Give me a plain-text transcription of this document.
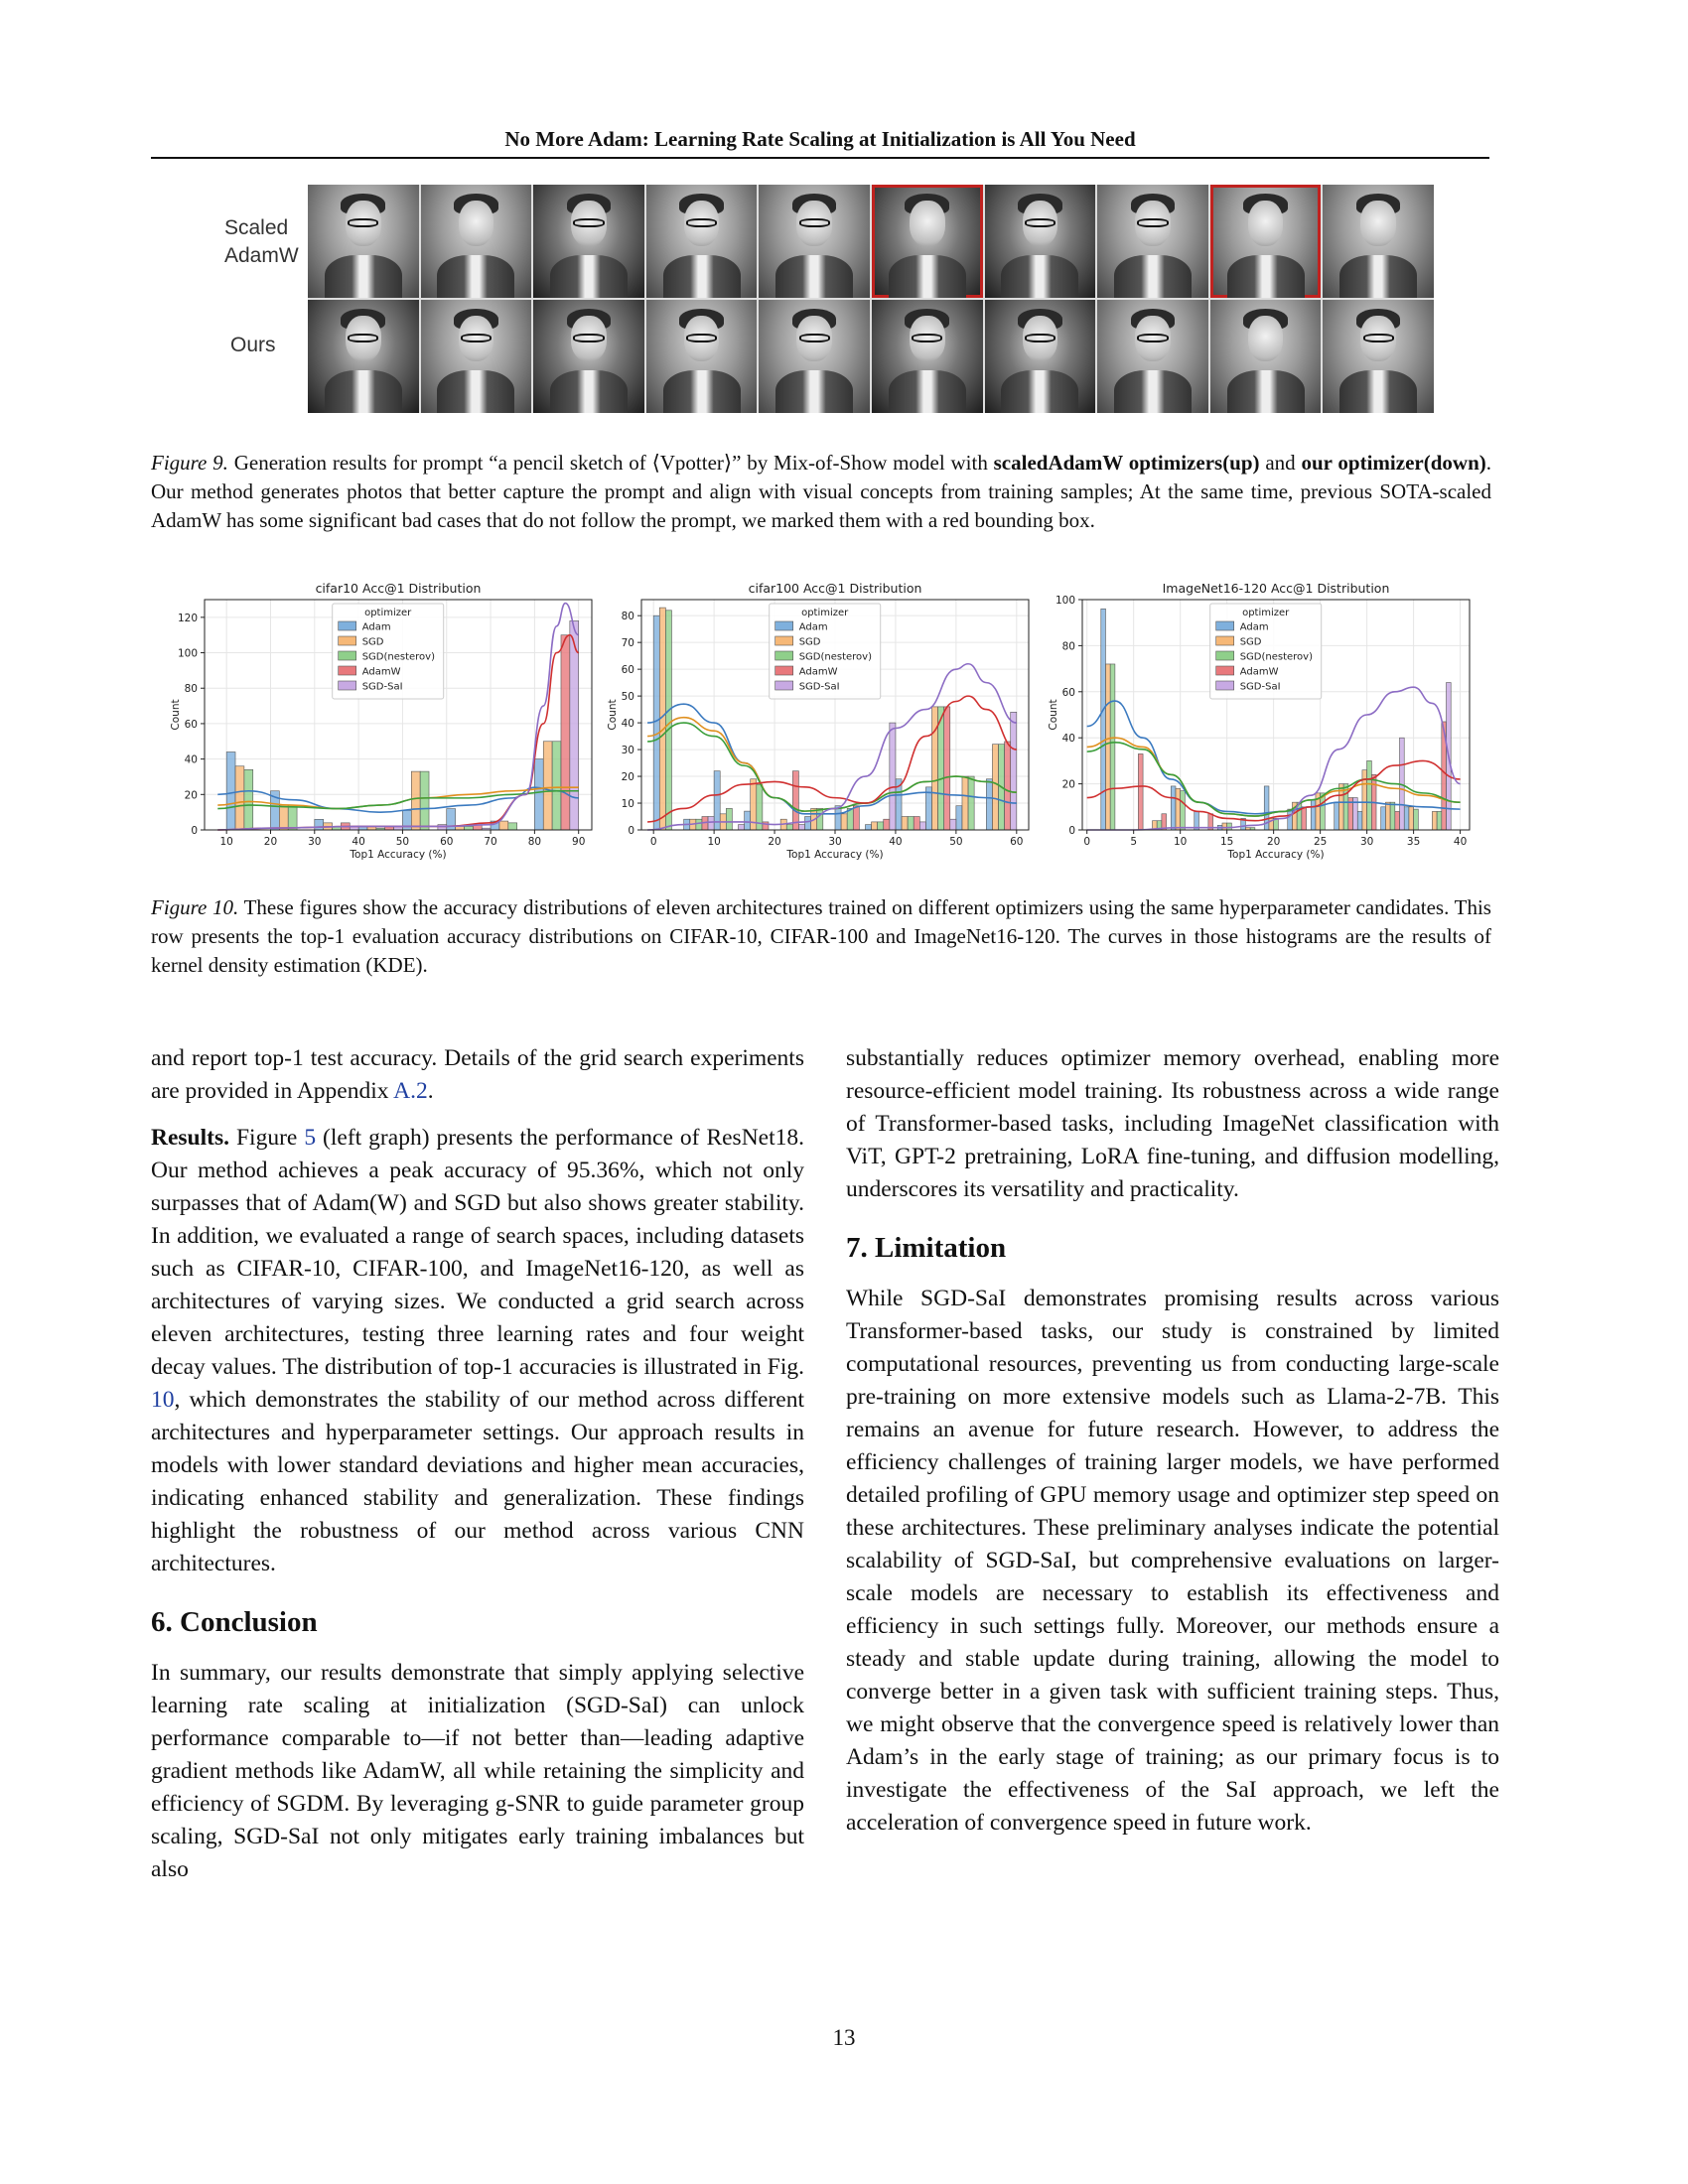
No More Adam: Learning Rate Scaling at Initialization is All You Need
Scaled AdamW
Ours
Figure 9. Generation results for prompt “a pencil sketch of ⟨Vpotter⟩” by Mix-of-Show model with scaledAdamW optimizers(up) and our optimizer(down). Our method generates photos that better capture the prompt and align with visual concepts from training samples; At the same time, previous SOTA-scaled AdamW has some significant bad cases that do not follow the prompt, we marked them with a red bounding box.
cifar10 Acc@1 Distribution
10	20	30	40	50	60	70	80	90
0
20
40
60
80
100
120
Top1 Accuracy (%)
Count
optimizer
Adam
SGD
SGD(nesterov)
AdamW
SGD-SaI
cifar100 Acc@1 Distribution
0	10	20	30	40	50	60
0
10
20
30
40
50
60
70
80
Top1 Accuracy (%)
Count
optimizer
Adam
SGD
SGD(nesterov)
AdamW
SGD-SaI
ImageNet16-120 Acc@1 Distribution
0	5	10	15	20	25	30	35	40
0
20
40
60
80
100
Top1 Accuracy (%)
Count
optimizer
Adam
SGD
SGD(nesterov)
AdamW
SGD-SaI
Figure 10. These figures show the accuracy distributions of eleven architectures trained on different optimizers using the same hyperparameter candidates. This row presents the top-1 evaluation accuracy distributions on CIFAR-10, CIFAR-100 and ImageNet16-120. The curves in those histograms are the results of kernel density estimation (KDE).

and report top-1 test accuracy. Details of the grid search experiments are provided in Appendix A.2.

Results. Figure 5 (left graph) presents the performance of ResNet18. Our method achieves a peak accuracy of 95.36%, which not only surpasses that of Adam(W) and SGD but also shows greater stability. In addition, we evaluated a range of search spaces, including datasets such as CIFAR-10, CIFAR-100, and ImageNet16-120, as well as architectures of varying sizes. We conducted a grid search across eleven architectures, testing three learning rates and four weight decay values. The distribution of top-1 accuracies is illustrated in Fig. 10, which demonstrates the stability of our method across different architectures and hyperparameter settings. Our approach results in models with lower standard deviations and higher mean accuracies, indicating enhanced stability and generalization. These findings highlight the robustness of our method across various CNN architectures.

6. Conclusion

In summary, our results demonstrate that simply applying selective learning rate scaling at initialization (SGD-SaI) can unlock performance comparable to—if not better than—leading adaptive gradient methods like AdamW, all while retaining the simplicity and efficiency of SGDM. By leveraging g-SNR to guide parameter group scaling, SGD-SaI not only mitigates early training imbalances but also

substantially reduces optimizer memory overhead, enabling more resource-efficient model training. Its robustness across a wide range of Transformer-based tasks, including ImageNet classification with ViT, GPT-2 pretraining, LoRA fine-tuning, and diffusion modelling, underscores its versatility and practicality.

7. Limitation

While SGD-SaI demonstrates promising results across various Transformer-based tasks, our study is constrained by limited computational resources, preventing us from conducting large-scale pre-training on more extensive models such as Llama-2-7B. This remains an avenue for future research. However, to address the efficiency challenges of training larger models, we have performed detailed profiling of GPU memory usage and optimizer step speed on these architectures. These preliminary analyses indicate the potential scalability of SGD-SaI, but comprehensive evaluations on larger-scale models are necessary to establish its effectiveness and efficiency in such settings fully. Moreover, our methods ensure a steady and stable update during training, allowing the model to converge better in a given task with sufficient training steps. Thus, we might observe that the convergence speed is relatively lower than Adam’s in the early stage of training; as our primary focus is to investigate the effectiveness of the SaI approach, we left the acceleration of convergence speed in future work.

13
